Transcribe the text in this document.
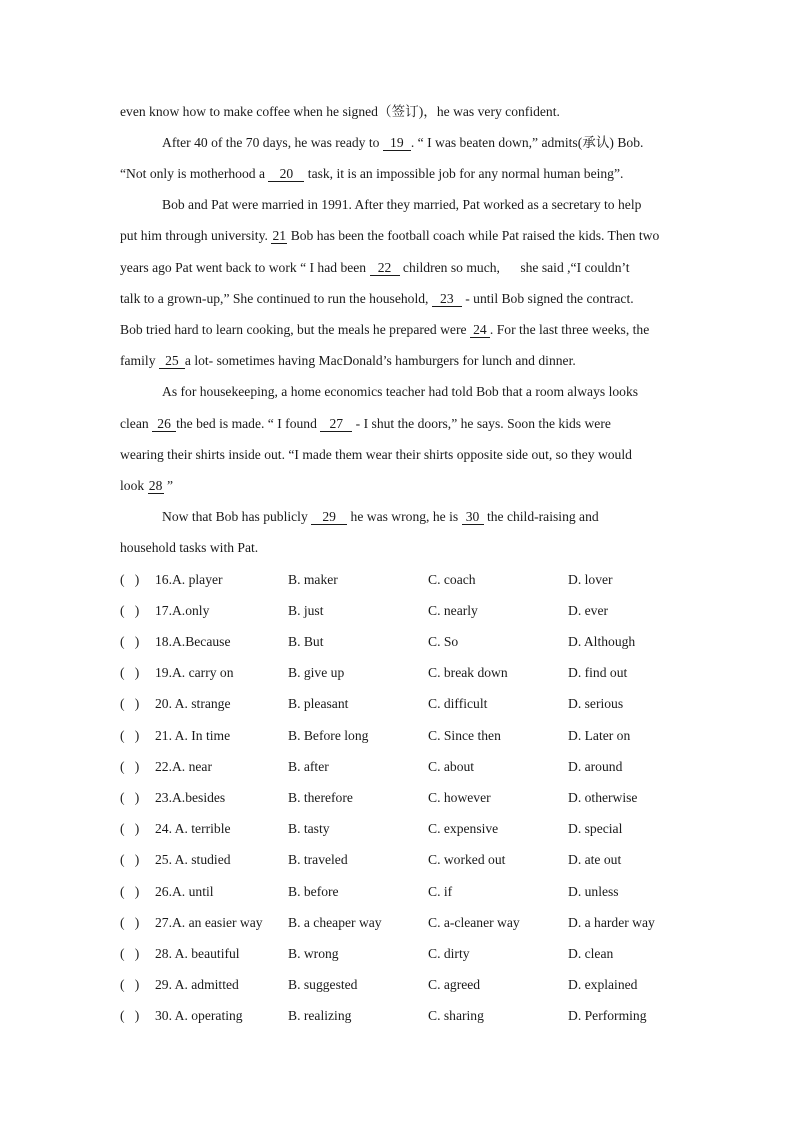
even know how to make coffee when he signed（签订)，he was very confident.
After 40 of the 70 days, he was ready to 19 . “ I was beaten down,” admits(承认) Bob.
“Not only is motherhood a 20 task, it is an impossible job for any normal human being”.
Bob and Pat were married in 1991. After they married, Pat worked as a secretary to help
put him through university. 21 Bob has been the football coach while Pat raised the kids. Then two
years ago Pat went back to work “ I had been 22 children so much,      she said ,“I couldn’t
talk to a grown-up,” She continued to run the household, 23 - until Bob signed the contract.
Bob tried hard to learn cooking, but the meals he prepared were 24 . For the last three weeks, the
family 25 a lot- sometimes having MacDonald’s hamburgers for lunch and dinner.
As for housekeeping, a home economics teacher had told Bob that a room always looks
clean 26 the bed is made. “ I found 27 - I shut the doors,” he says. Soon the kids were
wearing their shirts inside out. “I made them wear their shirts opposite side out, so they would
look 28 ”
Now that Bob has publicly 29 he was wrong, he is 30 the child-raising and
household tasks with Pat.
(   ) 16.A. player	B. maker	C. coach	D. lover
(   ) 17.A.only	B. just	C. nearly	D. ever
(   ) 18.A.Because	B. But	C. So	D. Although
(   ) 19.A. carry on	B. give up	C. break down	D. find out
(   ) 20. A. strange	B. pleasant	C. difficult	D. serious
(   ) 21. A. In time	B. Before long	C. Since then	D. Later on
(   ) 22.A. near	B. after	C. about	D. around
(   ) 23.A.besides	B. therefore	C. however	D. otherwise
(   ) 24. A. terrible	B. tasty	C. expensive	D. special
(   ) 25. A. studied	B. traveled	C. worked out	D. ate out
(   ) 26.A. until	B. before	C. if	D. unless
(   ) 27.A. an easier way B. a cheaper way	C. a-cleaner way	D. a harder way
(   ) 28. A. beautiful	B. wrong	C. dirty	D. clean
(   ) 29. A. admitted	B. suggested	C. agreed	D. explained
(   ) 30. A. operating	B. realizing	C. sharing	D. Performing
